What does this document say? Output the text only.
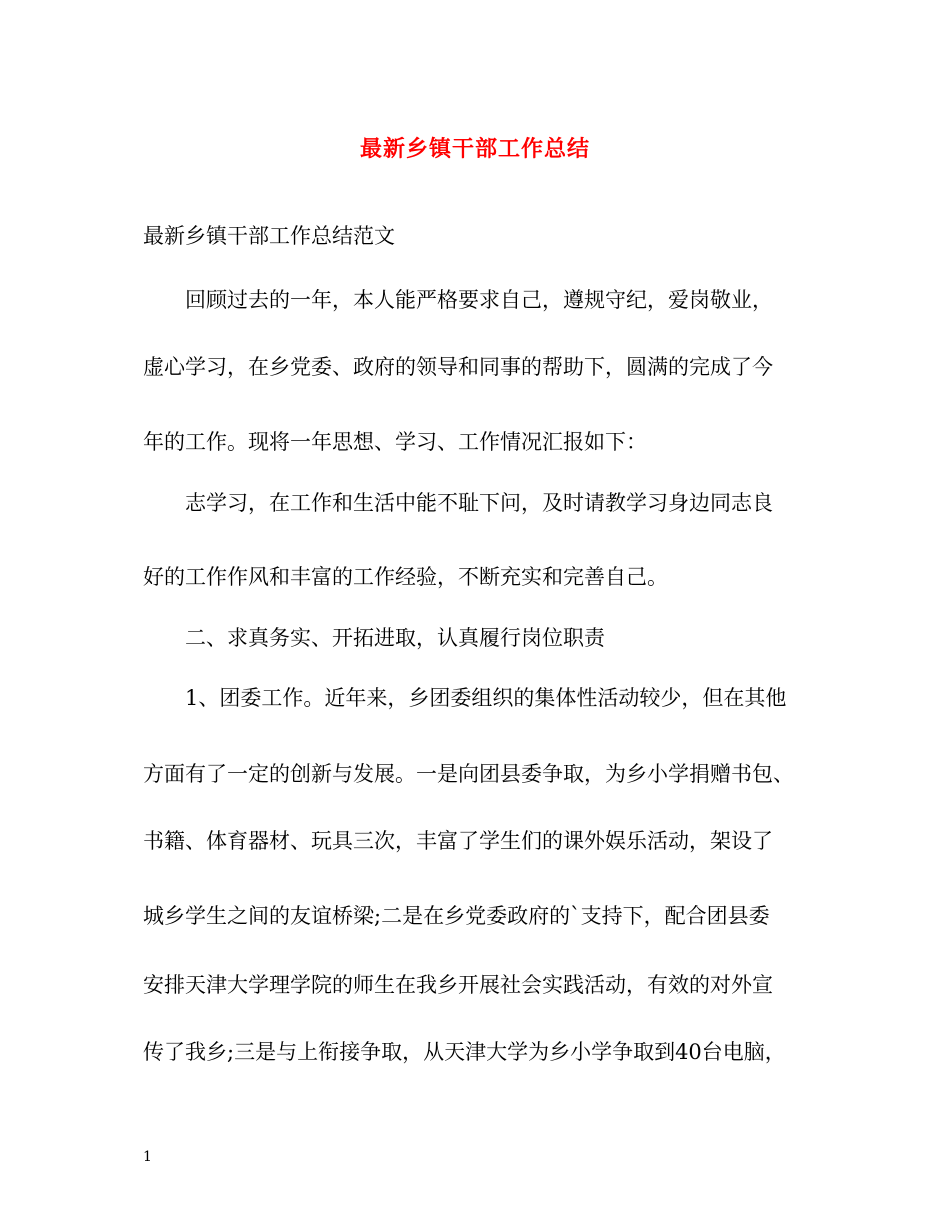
最新乡镇干部工作总结
最新乡镇干部工作总结范文
回顾过去的一年，本人能严格要求自己，遵规守纪，爱岗敬业，
虚心学习，在乡党委、政府的领导和同事的帮助下，圆满的完成了今
年的工作。现将一年思想、学习、工作情况汇报如下：
志学习，在工作和生活中能不耻下问，及时请教学习身边同志良
好的工作作风和丰富的工作经验，不断充实和完善自己。
二、求真务实、开拓进取，认真履行岗位职责
1、团委工作。近年来，乡团委组织的集体性活动较少，但在其他
方面有了一定的创新与发展。一是向团县委争取，为乡小学捐赠书包、
书籍、体育器材、玩具三次，丰富了学生们的课外娱乐活动，架设了
城乡学生之间的友谊桥梁;二是在乡党委政府的`支持下，配合团县委
安排天津大学理学院的师生在我乡开展社会实践活动，有效的对外宣
传了我乡;三是与上衔接争取，从天津大学为乡小学争取到40台电脑，
1
